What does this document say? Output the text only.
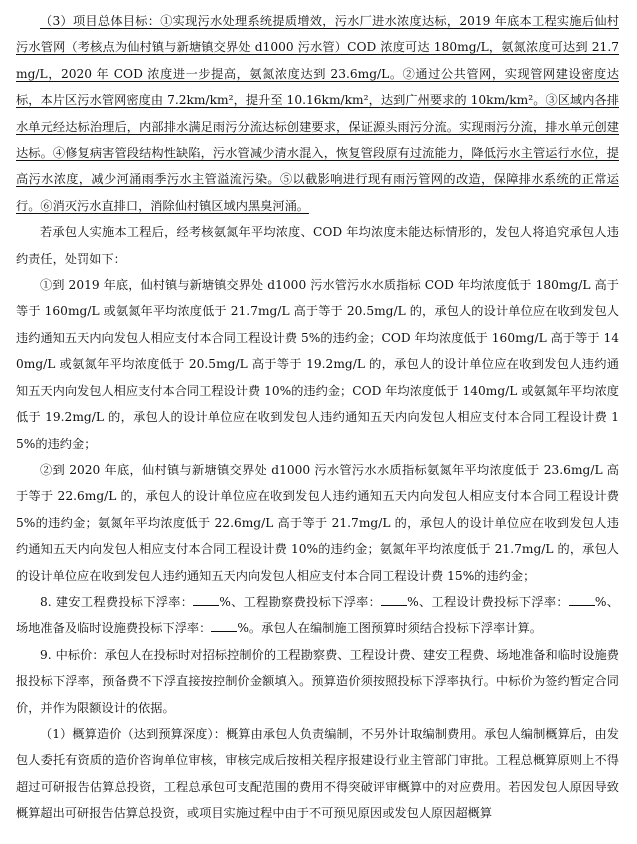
（3）项目总体目标：①实现污水处理系统提质增效，污水厂进水浓度达标，2019 年底本工程实施后仙村污水管网（考核点为仙村镇与新塘镇交界处 d1000 污水管）COD 浓度可达 180mg/L，氨氮浓度可达到 21.7mg/L，2020 年 COD 浓度进一步提高，氨氮浓度达到 23.6mg/L。②通过公共管网，实现管网建设密度达标，本片区污水管网密度由 7.2km/km²，提升至 10.16km/km²，达到广州要求的 10km/km²。③区域内各排水单元经达标治理后，内部排水满足雨污分流达标创建要求，保证源头雨污分流。实现雨污分流，排水单元创建达标。④修复病害管段结构性缺陷，污水管减少清水混入，恢复管段原有过流能力，降低污水主管运行水位，提高污水浓度，减少河涌雨季污水主管溢流污染。⑤以截影响进行现有雨污管网的改造，保障排水系统的正常运行。⑥消灭污水直排口，消除仙村镇区域内黑臭河涌。

若承包人实施本工程后，经考核氨氮年平均浓度、COD 年均浓度未能达标情形的，发包人将追究承包人违约责任，处罚如下：

①到 2019 年底，仙村镇与新塘镇交界处 d1000 污水管污水水质指标 COD 年均浓度低于 180mg/L 高于等于 160mg/L 或氨氮年平均浓度低于 21.7mg/L 高于等于 20.5mg/L 的，承包人的设计单位应在收到发包人违约通知五天内向发包人相应支付本合同工程设计费 5%的违约金；COD 年均浓度低于 160mg/L 高于等于 140mg/L 或氨氮年平均浓度低于 20.5mg/L 高于等于 19.2mg/L 的，承包人的设计单位应在收到发包人违约通知五天内向发包人相应支付本合同工程设计费 10%的违约金；COD 年均浓度低于 140mg/L 或氨氮年平均浓度低于 19.2mg/L 的，承包人的设计单位应在收到发包人违约通知五天内向发包人相应支付本合同工程设计费 15%的违约金；

②到 2020 年底，仙村镇与新塘镇交界处 d1000 污水管污水水质指标氨氮年平均浓度低于 23.6mg/L 高于等于 22.6mg/L 的，承包人的设计单位应在收到发包人违约通知五天内向发包人相应支付本合同工程设计费 5%的违约金；氨氮年平均浓度低于 22.6mg/L 高于等于 21.7mg/L 的，承包人的设计单位应在收到发包人违约通知五天内向发包人相应支付本合同工程设计费 10%的违约金；氨氮年平均浓度低于 21.7mg/L 的，承包人的设计单位应在收到发包人违约通知五天内向发包人相应支付本合同工程设计费 15%的违约金；

8. 建安工程费投标下浮率： %、工程勘察费投标下浮率： %、工程设计费投标下浮率： %、场地准备及临时设施费投标下浮率： %。承包人在编制施工图预算时须结合投标下浮率计算。

9. 中标价：承包人在投标时对招标控制价的工程勘察费、工程设计费、建安工程费、场地准备和临时设施费报投标下浮率，预备费不下浮直接按控制价金额填入。预算造价须按照投标下浮率执行。中标价为签约暂定合同价，并作为限额设计的依据。

（1）概算造价（达到预算深度）：概算由承包人负责编制，不另外计取编制费用。承包人编制概算后，由发包人委托有资质的造价咨询单位审核，审核完成后按相关程序报建设行业主管部门审批。工程总概算原则上不得超过可研报告估算总投资，工程总承包可支配范围的费用不得突破评审概算中的对应费用。若因发包人原因导致概算超出可研报告估算总投资，或项目实施过程中由于不可预见原因或发包人原因超概算
